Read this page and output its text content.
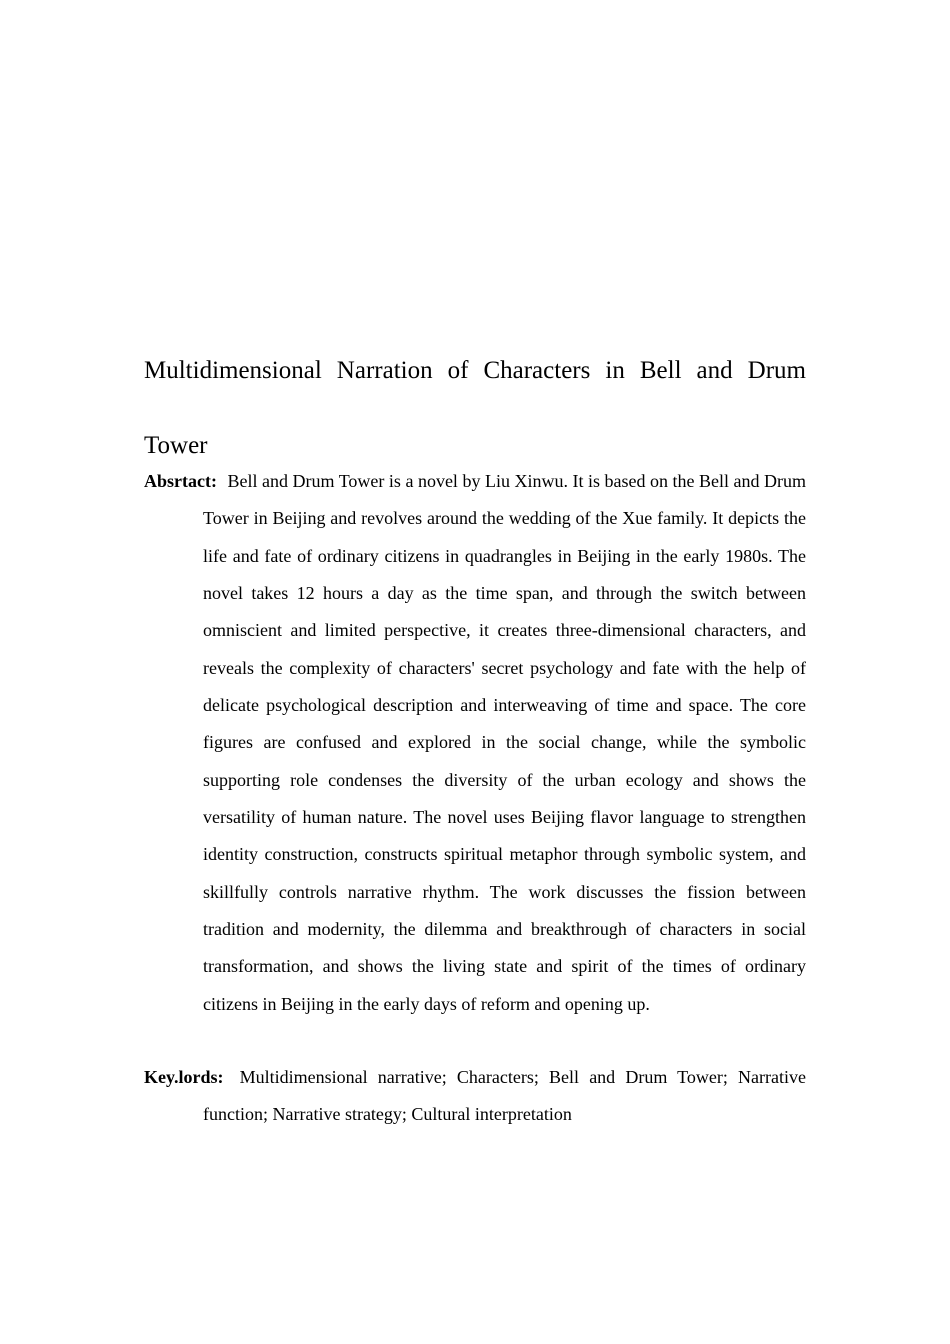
Multidimensional Narration of Characters in Bell and Drum Tower

Absrtact: Bell and Drum Tower is a novel by Liu Xinwu. It is based on the Bell and Drum Tower in Beijing and revolves around the wedding of the Xue family. It depicts the life and fate of ordinary citizens in quadrangles in Beijing in the early 1980s. The novel takes 12 hours a day as the time span, and through the switch between omniscient and limited perspective, it creates three-dimensional characters, and reveals the complexity of characters' secret psychology and fate with the help of delicate psychological description and interweaving of time and space. The core figures are confused and explored in the social change, while the symbolic supporting role condenses the diversity of the urban ecology and shows the versatility of human nature. The novel uses Beijing flavor language to strengthen identity construction, constructs spiritual metaphor through symbolic system, and skillfully controls narrative rhythm. The work discusses the fission between tradition and modernity, the dilemma and breakthrough of characters in social transformation, and shows the living state and spirit of the times of ordinary citizens in Beijing in the early days of reform and opening up.

Key.lords: Multidimensional narrative; Characters; Bell and Drum Tower; Narrative function; Narrative strategy; Cultural interpretation
